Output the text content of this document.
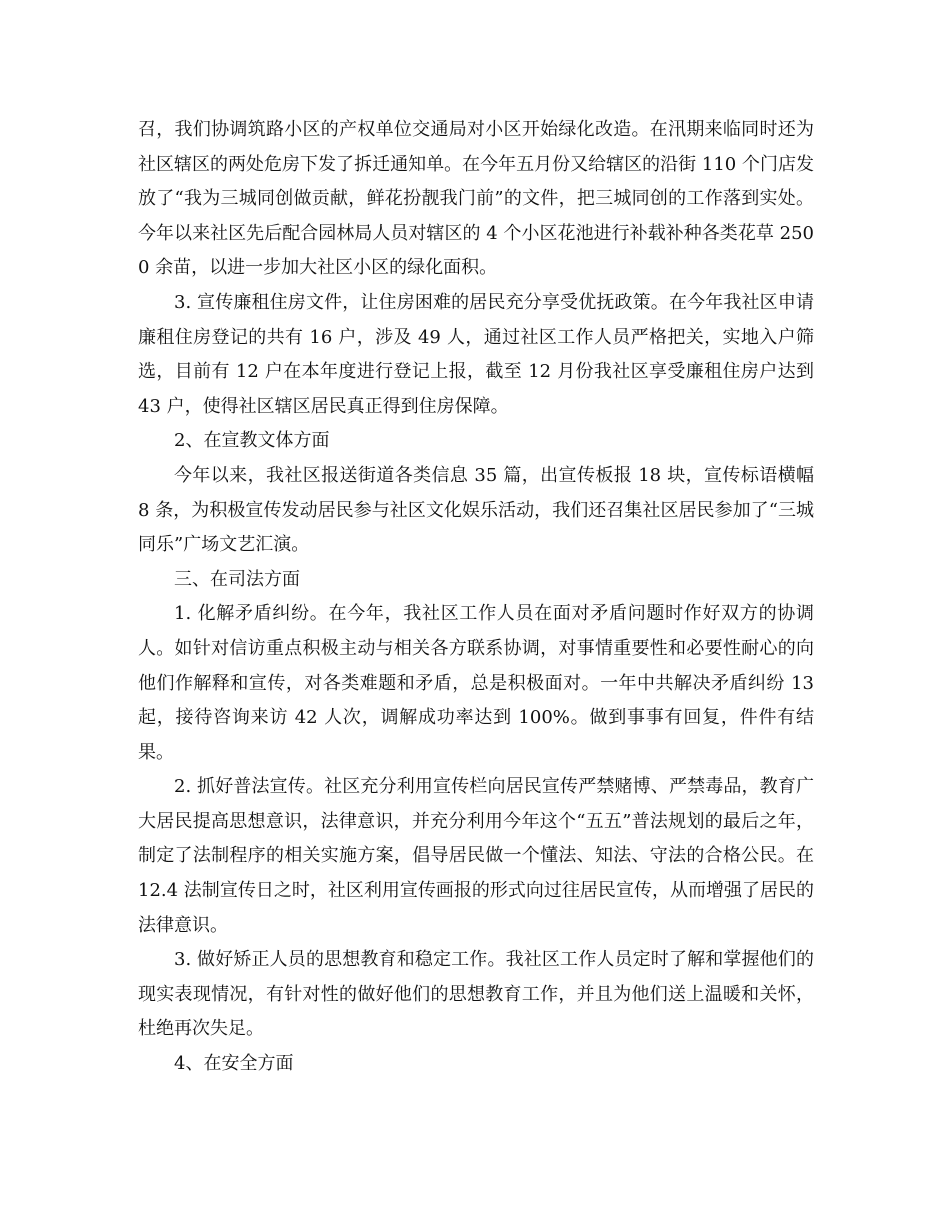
召，我们协调筑路小区的产权单位交通局对小区开始绿化改造。在汛期来临同时还为社区辖区的两处危房下发了拆迁通知单。在今年五月份又给辖区的沿街 110 个门店发放了“我为三城同创做贡献，鲜花扮靓我门前”的文件，把三城同创的工作落到实处。今年以来社区先后配合园林局人员对辖区的 4 个小区花池进行补载补种各类花草 2500 余苗，以进一步加大社区小区的绿化面积。

3. 宣传廉租住房文件，让住房困难的居民充分享受优抚政策。在今年我社区申请廉租住房登记的共有 16 户，涉及 49 人，通过社区工作人员严格把关，实地入户筛选，目前有 12 户在本年度进行登记上报，截至 12 月份我社区享受廉租住房户达到 43 户，使得社区辖区居民真正得到住房保障。

2、在宣教文体方面

今年以来，我社区报送街道各类信息 35 篇，出宣传板报 18 块，宣传标语横幅 8 条，为积极宣传发动居民参与社区文化娱乐活动，我们还召集社区居民参加了“三城同乐”广场文艺汇演。

三、在司法方面

1. 化解矛盾纠纷。在今年，我社区工作人员在面对矛盾问题时作好双方的协调人。如针对信访重点积极主动与相关各方联系协调，对事情重要性和必要性耐心的向他们作解释和宣传，对各类难题和矛盾，总是积极面对。一年中共解决矛盾纠纷 13 起，接待咨询来访 42 人次，调解成功率达到 100%。做到事事有回复，件件有结果。

2. 抓好普法宣传。社区充分利用宣传栏向居民宣传严禁赌博、严禁毒品，教育广大居民提高思想意识，法律意识，并充分利用今年这个“五五”普法规划的最后之年，制定了法制程序的相关实施方案，倡导居民做一个懂法、知法、守法的合格公民。在 12.4 法制宣传日之时，社区利用宣传画报的形式向过往居民宣传，从而增强了居民的法律意识。

3. 做好矫正人员的思想教育和稳定工作。我社区工作人员定时了解和掌握他们的现实表现情况，有针对性的做好他们的思想教育工作，并且为他们送上温暖和关怀，杜绝再次失足。

4、在安全方面
